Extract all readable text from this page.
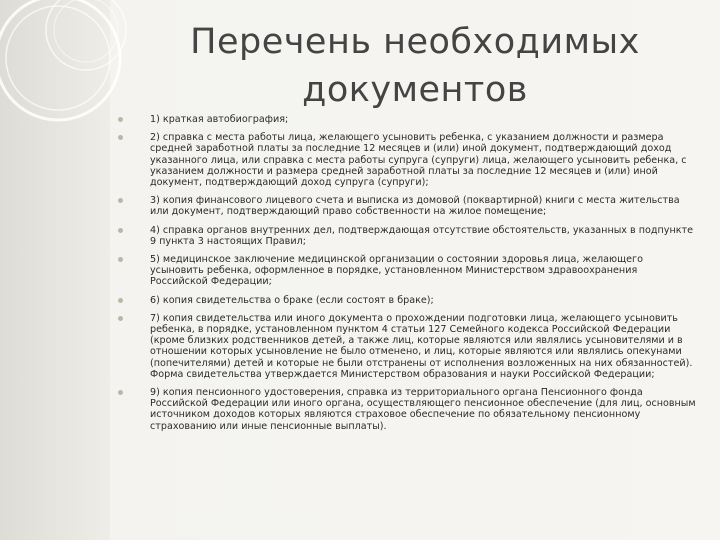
Перечень необходимых
документов
1) краткая автобиография;
2) справка с места работы лица, желающего усыновить ребенка, с указанием должности и размера средней заработной платы за последние 12 месяцев и (или) иной документ, подтверждающий доход указанного лица, или справка с места работы супруга (супруги) лица, желающего усыновить ребенка, с указанием должности и размера средней заработной платы за последние 12 месяцев и (или) иной документ, подтверждающий доход супруга (супруги);
3) копия финансового лицевого счета и выписка из домовой (поквартирной) книги с места жительства или документ, подтверждающий право собственности на жилое помещение;
4) справка органов внутренних дел, подтверждающая отсутствие обстоятельств, указанных в подпункте 9 пункта 3 настоящих Правил;
5) медицинское заключение медицинской организации о состоянии здоровья лица, желающего усыновить ребенка, оформленное в порядке, установленном Министерством здравоохранения Российской Федерации;
6) копия свидетельства о браке (если состоят в браке);
7) копия свидетельства или иного документа о прохождении подготовки лица, желающего усыновить ребенка, в порядке, установленном пунктом 4 статьи 127 Семейного кодекса Российской Федерации (кроме близких родственников детей, а также лиц, которые являются или являлись усыновителями и в отношении которых усыновление не было отменено, и лиц, которые являются или являлись опекунами (попечителями) детей и которые не были отстранены от исполнения возложенных на них обязанностей). Форма свидетельства утверждается Министерством образования и науки Российской Федерации;
9) копия пенсионного удостоверения, справка из территориального органа Пенсионного фонда Российской Федерации или иного органа, осуществляющего пенсионное обеспечение (для лиц, основным источником доходов которых являются страховое обеспечение по обязательному пенсионному страхованию или иные пенсионные выплаты).
